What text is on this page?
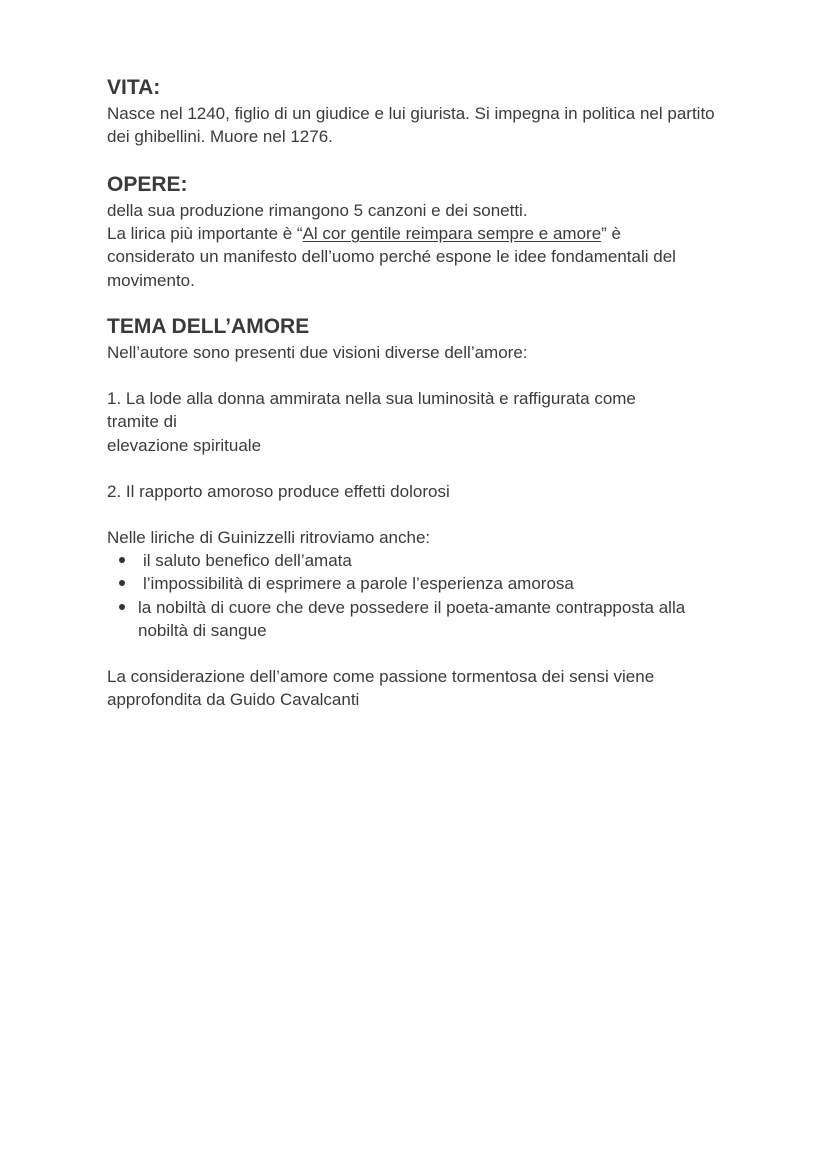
VITA:

Nasce nel 1240, figlio di un giudice e lui giurista. Si impegna in politica nel partito dei ghibellini. Muore nel 1276.

OPERE:

della sua produzione rimangono 5 canzoni e dei sonetti.

La lirica più importante è “Al cor gentile reimpara sempre e amore” è considerato un manifesto dell’uomo perché espone le idee fondamentali del movimento.

TEMA DELL’AMORE

Nell’autore sono presenti due visioni diverse dell’amore:

1. La lode alla donna ammirata nella sua luminosità e raffigurata come tramite di

elevazione spirituale

2. Il rapporto amoroso produce effetti dolorosi

Nelle liriche di Guinizzelli ritroviamo anche:

il saluto benefico dell’amata
l’impossibilità di esprimere a parole l’esperienza amorosa
la nobiltà di cuore che deve possedere il poeta-amante contrapposta alla nobiltà di sangue

La considerazione dell’amore come passione tormentosa dei sensi viene approfondita da Guido Cavalcanti
